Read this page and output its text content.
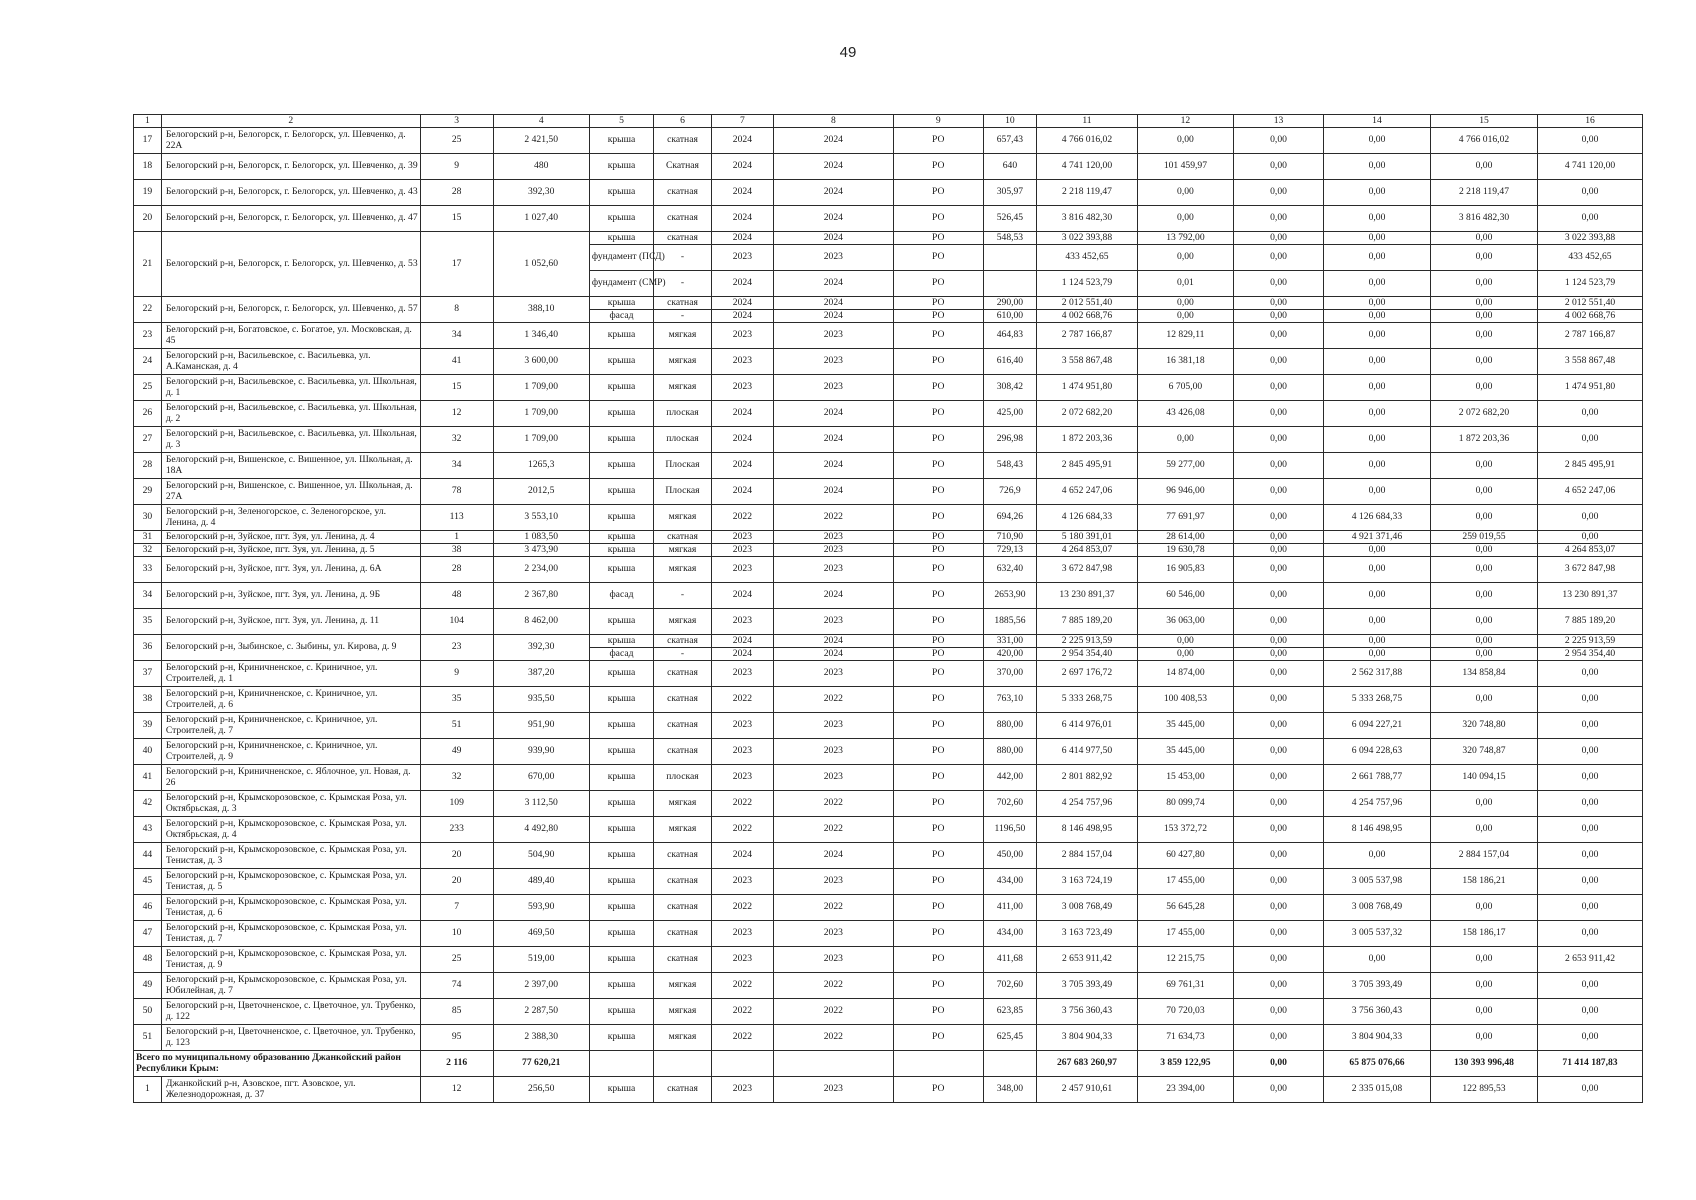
49
1	2	3	4	5	6	7	8	9	10	11	12	13	14	15	16
17	Белогорский р-н, Белогорск, г. Белогорск, ул. Шевченко, д. 22А	25	2 421,50	крыша	скатная	2024	2024	РО	657,43	4 766 016,02	0,00	0,00	0,00	4 766 016,02	0,00
18	Белогорский р-н, Белогорск, г. Белогорск, ул. Шевченко, д. 39	9	480	крыша	Скатная	2024	2024	РО	640	4 741 120,00	101 459,97	0,00	0,00	0,00	4 741 120,00
19	Белогорский р-н, Белогорск, г. Белогорск, ул. Шевченко, д. 43	28	392,30	крыша	скатная	2024	2024	РО	305,97	2 218 119,47	0,00	0,00	0,00	2 218 119,47	0,00
20	Белогорский р-н, Белогорск, г. Белогорск, ул. Шевченко, д. 47	15	1 027,40	крыша	скатная	2024	2024	РО	526,45	3 816 482,30	0,00	0,00	0,00	3 816 482,30	0,00
21	Белогорский р-н, Белогорск, г. Белогорск, ул. Шевченко, д. 53	17	1 052,60	крыша	скатная	2024	2024	РО	548,53	3 022 393,88	13 792,00	0,00	0,00	0,00	3 022 393,88
				фундамент (ПСД)	-	2023	2023	РО		433 452,65	0,00	0,00	0,00	0,00	433 452,65
				фундамент (СМР)	-	2024	2024	РО		1 124 523,79	0,01	0,00	0,00	0,00	1 124 523,79
22	Белогорский р-н, Белогорск, г. Белогорск, ул. Шевченко, д. 57	8	388,10	крыша	скатная	2024	2024	РО	290,00	2 012 551,40	0,00	0,00	0,00	0,00	2 012 551,40
				фасад	-	2024	2024	РО	610,00	4 002 668,76	0,00	0,00	0,00	0,00	4 002 668,76
23	Белогорский р-н, Богатовское, с. Богатое, ул. Московская, д. 45	34	1 346,40	крыша	мягкая	2023	2023	РО	464,83	2 787 166,87	12 829,11	0,00	0,00	0,00	2 787 166,87
24	Белогорский р-н, Васильевское, с. Васильевка, ул. А.Каманская, д. 4	41	3 600,00	крыша	мягкая	2023	2023	РО	616,40	3 558 867,48	16 381,18	0,00	0,00	0,00	3 558 867,48
25	Белогорский р-н, Васильевское, с. Васильевка, ул. Школьная, д. 1	15	1 709,00	крыша	мягкая	2023	2023	РО	308,42	1 474 951,80	6 705,00	0,00	0,00	0,00	1 474 951,80
26	Белогорский р-н, Васильевское, с. Васильевка, ул. Школьная, д. 2	12	1 709,00	крыша	плоская	2024	2024	РО	425,00	2 072 682,20	43 426,08	0,00	0,00	2 072 682,20	0,00
27	Белогорский р-н, Васильевское, с. Васильевка, ул. Школьная, д. 3	32	1 709,00	крыша	плоская	2024	2024	РО	296,98	1 872 203,36	0,00	0,00	0,00	1 872 203,36	0,00
28	Белогорский р-н, Вишенское, с. Вишенное, ул. Школьная, д. 18А	34	1265,3	крыша	Плоская	2024	2024	РО	548,43	2 845 495,91	59 277,00	0,00	0,00	0,00	2 845 495,91
29	Белогорский р-н, Вишенское, с. Вишенное, ул. Школьная, д. 27А	78	2012,5	крыша	Плоская	2024	2024	РО	726,9	4 652 247,06	96 946,00	0,00	0,00	0,00	4 652 247,06
30	Белогорский р-н, Зеленогорское, с. Зеленогорское, ул. Ленина, д. 4	113	3 553,10	крыша	мягкая	2022	2022	РО	694,26	4 126 684,33	77 691,97	0,00	4 126 684,33	0,00	0,00
31	Белогорский р-н, Зуйское, пгт. Зуя, ул. Ленина, д. 4	1	1 083,50	крыша	скатная	2023	2023	РО	710,90	5 180 391,01	28 614,00	0,00	4 921 371,46	259 019,55	0,00
32	Белогорский р-н, Зуйское, пгт. Зуя, ул. Ленина, д. 5	38	3 473,90	крыша	мягкая	2023	2023	РО	729,13	4 264 853,07	19 630,78	0,00	0,00	0,00	4 264 853,07
33	Белогорский р-н, Зуйское, пгт. Зуя, ул. Ленина, д. 6А	28	2 234,00	крыша	мягкая	2023	2023	РО	632,40	3 672 847,98	16 905,83	0,00	0,00	0,00	3 672 847,98
34	Белогорский р-н, Зуйское, пгт. Зуя, ул. Ленина, д. 9Б	48	2 367,80	фасад	-	2024	2024	РО	2653,90	13 230 891,37	60 546,00	0,00	0,00	0,00	13 230 891,37
35	Белогорский р-н, Зуйское, пгт. Зуя, ул. Ленина, д. 11	104	8 462,00	крыша	мягкая	2023	2023	РО	1885,56	7 885 189,20	36 063,00	0,00	0,00	0,00	7 885 189,20
36	Белогорский р-н, Зыбинское, с. Зыбины, ул. Кирова, д. 9	23	392,30	крыша	скатная	2024	2024	РО	331,00	2 225 913,59	0,00	0,00	0,00	0,00	2 225 913,59
				фасад	-	2024	2024	РО	420,00	2 954 354,40	0,00	0,00	0,00	0,00	2 954 354,40
37	Белогорский р-н, Криничненское, с. Криничное, ул. Строителей, д. 1	9	387,20	крыша	скатная	2023	2023	РО	370,00	2 697 176,72	14 874,00	0,00	2 562 317,88	134 858,84	0,00
38	Белогорский р-н, Криничненское, с. Криничное, ул. Строителей, д. 6	35	935,50	крыша	скатная	2022	2022	РО	763,10	5 333 268,75	100 408,53	0,00	5 333 268,75	0,00	0,00
39	Белогорский р-н, Криничненское, с. Криничное, ул. Строителей, д. 7	51	951,90	крыша	скатная	2023	2023	РО	880,00	6 414 976,01	35 445,00	0,00	6 094 227,21	320 748,80	0,00
40	Белогорский р-н, Криничненское, с. Криничное, ул. Строителей, д. 9	49	939,90	крыша	скатная	2023	2023	РО	880,00	6 414 977,50	35 445,00	0,00	6 094 228,63	320 748,87	0,00
41	Белогорский р-н, Криничненское, с. Яблочное, ул. Новая, д. 26	32	670,00	крыша	плоская	2023	2023	РО	442,00	2 801 882,92	15 453,00	0,00	2 661 788,77	140 094,15	0,00
42	Белогорский р-н, Крымскорозовское, с. Крымская Роза, ул. Октябрьская, д. 3	109	3 112,50	крыша	мягкая	2022	2022	РО	702,60	4 254 757,96	80 099,74	0,00	4 254 757,96	0,00	0,00
43	Белогорский р-н, Крымскорозовское, с. Крымская Роза, ул. Октябрьская, д. 4	233	4 492,80	крыша	мягкая	2022	2022	РО	1196,50	8 146 498,95	153 372,72	0,00	8 146 498,95	0,00	0,00
44	Белогорский р-н, Крымскорозовское, с. Крымская Роза, ул. Тенистая, д. 3	20	504,90	крыша	скатная	2024	2024	РО	450,00	2 884 157,04	60 427,80	0,00	0,00	2 884 157,04	0,00
45	Белогорский р-н, Крымскорозовское, с. Крымская Роза, ул. Тенистая, д. 5	20	489,40	крыша	скатная	2023	2023	РО	434,00	3 163 724,19	17 455,00	0,00	3 005 537,98	158 186,21	0,00
46	Белогорский р-н, Крымскорозовское, с. Крымская Роза, ул. Тенистая, д. 6	7	593,90	крыша	скатная	2022	2022	РО	411,00	3 008 768,49	56 645,28	0,00	3 008 768,49	0,00	0,00
47	Белогорский р-н, Крымскорозовское, с. Крымская Роза, ул. Тенистая, д. 7	10	469,50	крыша	скатная	2023	2023	РО	434,00	3 163 723,49	17 455,00	0,00	3 005 537,32	158 186,17	0,00
48	Белогорский р-н, Крымскорозовское, с. Крымская Роза, ул. Тенистая, д. 9	25	519,00	крыша	скатная	2023	2023	РО	411,68	2 653 911,42	12 215,75	0,00	0,00	0,00	2 653 911,42
49	Белогорский р-н, Крымскорозовское, с. Крымская Роза, ул. Юбилейная, д. 7	74	2 397,00	крыша	мягкая	2022	2022	РО	702,60	3 705 393,49	69 761,31	0,00	3 705 393,49	0,00	0,00
50	Белогорский р-н, Цветочненское, с. Цветочное, ул. Трубенко, д. 122	85	2 287,50	крыша	мягкая	2022	2022	РО	623,85	3 756 360,43	70 720,03	0,00	3 756 360,43	0,00	0,00
51	Белогорский р-н, Цветочненское, с. Цветочное, ул. Трубенко, д. 123	95	2 388,30	крыша	мягкая	2022	2022	РО	625,45	3 804 904,33	71 634,73	0,00	3 804 904,33	0,00	0,00
Всего по муниципальному образованию Джанкойский район Республики Крым:		2 116	77 620,21							267 683 260,97	3 859 122,95	0,00	65 875 076,66	130 393 996,48	71 414 187,83
1	Джанкойский р-н, Азовское, пгт. Азовское, ул. Железнодорожная, д. 37	12	256,50	крыша	скатная	2023	2023	РО	348,00	2 457 910,61	23 394,00	0,00	2 335 015,08	122 895,53	0,00
